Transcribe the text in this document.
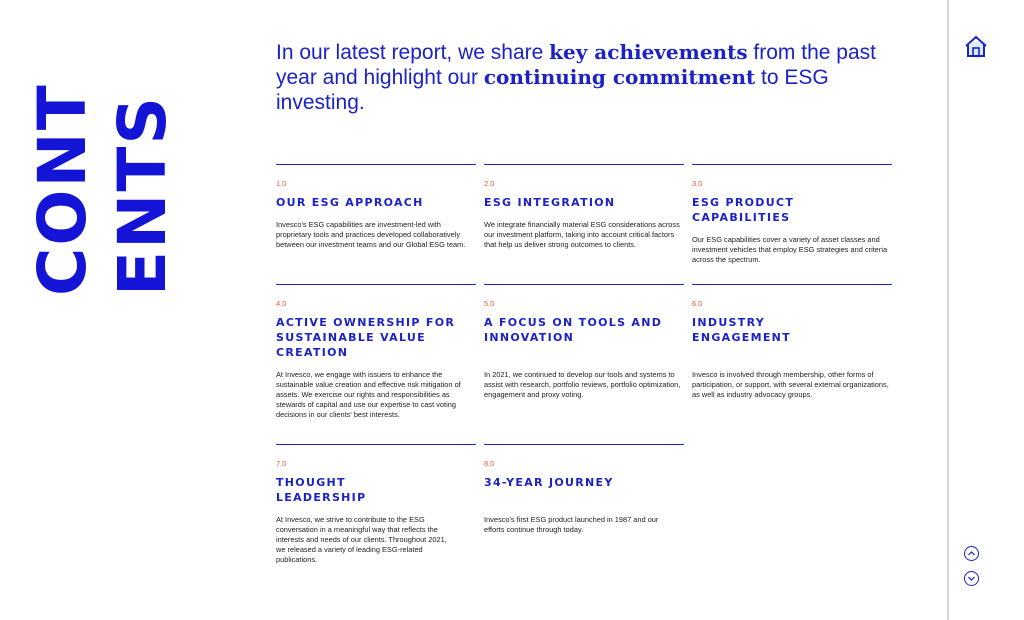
CONT ENTS
In our latest report, we share key achievements from the past year and highlight our continuing commitment to ESG investing.
1.0
OUR ESG APPROACH
Invesco's ESG capabilities are investment-led with proprietary tools and practices developed collaboratively between our investment teams and our Global ESG team.
2.0
ESG INTEGRATION
We integrate financially material ESG considerations across our investment platform, taking into account critical factors that help us deliver strong outcomes to clients.
3.0
ESG PRODUCT CAPABILITIES
Our ESG capabilities cover a variety of asset classes and investment vehicles that employ ESG strategies and criteria across the spectrum.
4.0
ACTIVE OWNERSHIP FOR SUSTAINABLE VALUE CREATION
At Invesco, we engage with issuers to enhance the sustainable value creation and effective risk mitigation of assets. We exercise our rights and responsibilities as stewards of capital and use our expertise to cast voting decisions in our clients' best interests.
5.0
A FOCUS ON TOOLS AND INNOVATION
In 2021, we continued to develop our tools and systems to assist with research, portfolio reviews, portfolio optimization, engagement and proxy voting.
6.0
INDUSTRY ENGAGEMENT
Invesco is involved through membership, other forms of participation, or support, with several external organizations, as well as industry advocacy groups.
7.0
THOUGHT LEADERSHIP
At Invesco, we strive to contribute to the ESG conversation in a meaningful way that reflects the interests and needs of our clients. Throughout 2021, we released a variety of leading ESG-related publications.
8.0
34-YEAR JOURNEY
Invesco's first ESG product launched in 1987 and our efforts continue through today.
